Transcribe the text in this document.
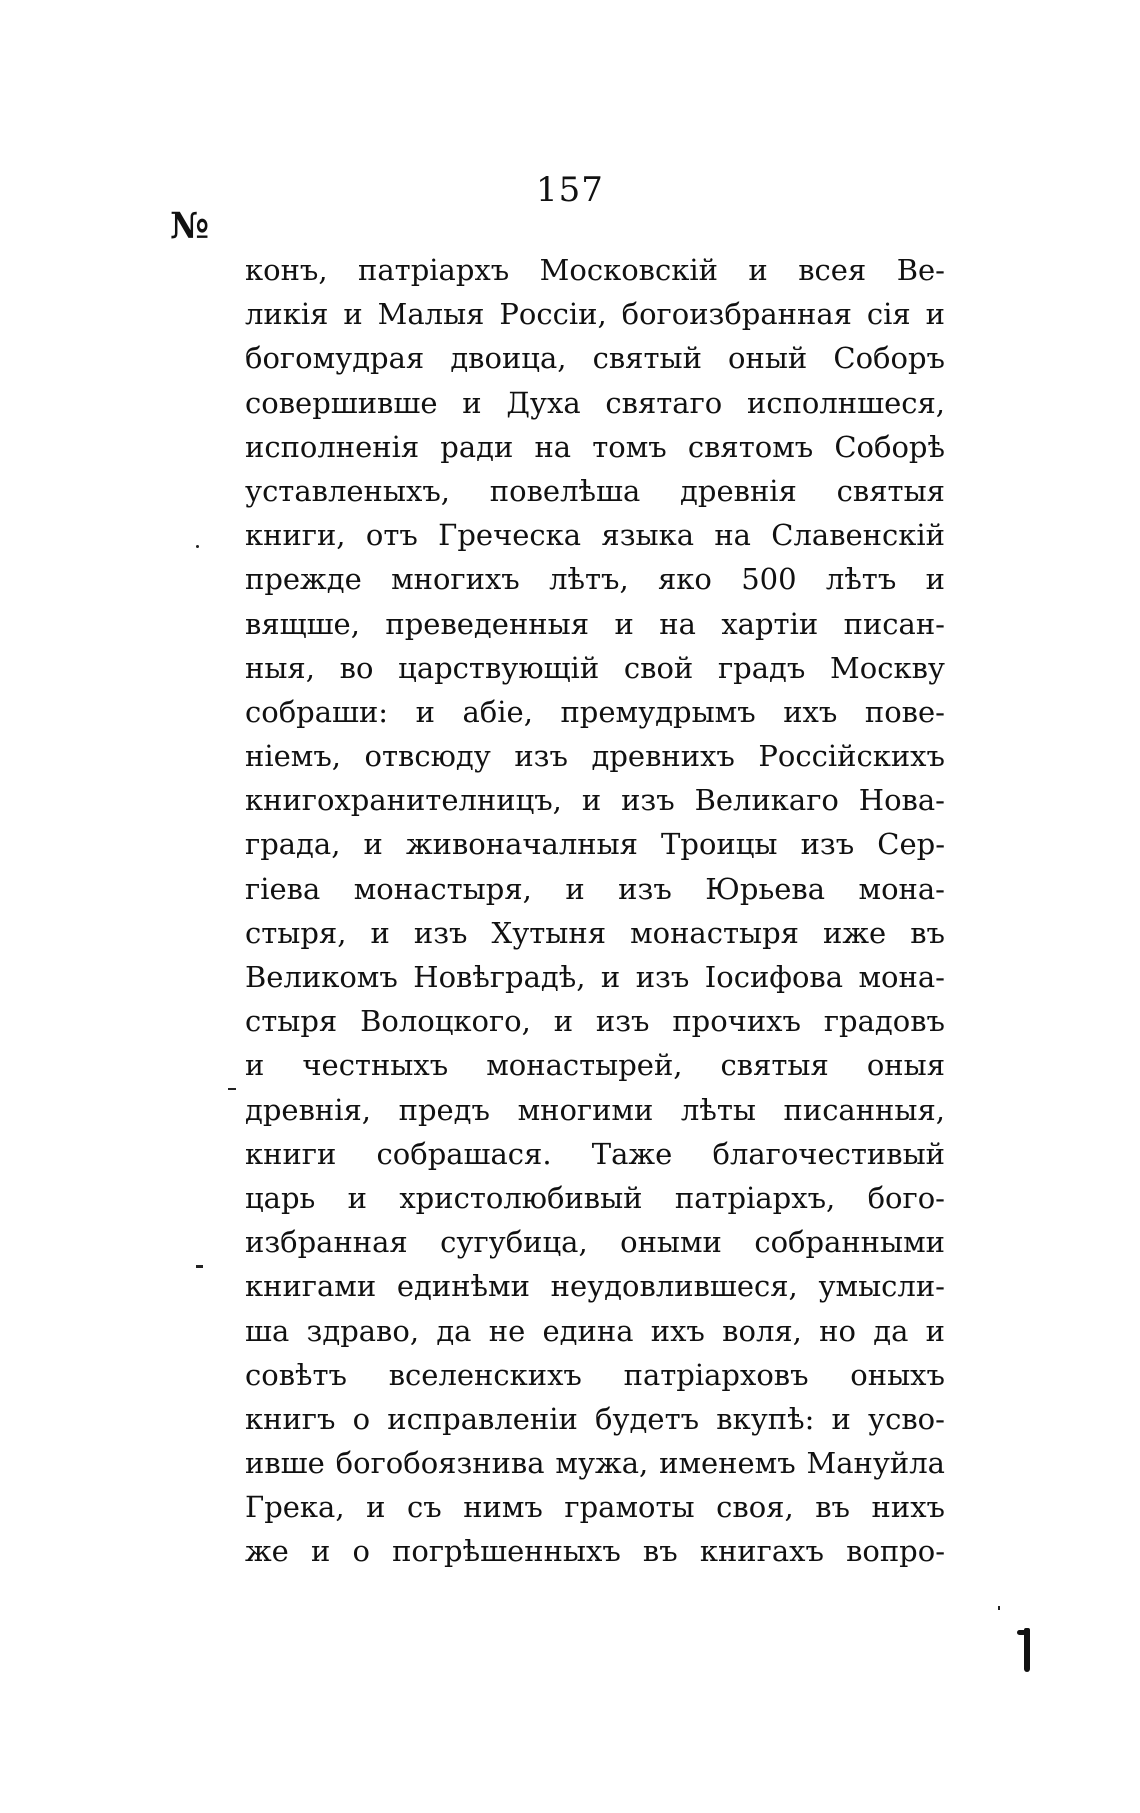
157
№
конъ, патріархъ Московскій и всея Ве-
ликія и Малыя Россіи, богоизбранная сія и
богомудрая двоица, святый оный Соборъ
совершивше и Духа святаго исполншеся,
исполненія ради на томъ святомъ Соборѣ
уставленыхъ, повелѣша древнія святыя
книги, отъ Греческа языка на Славенскій
прежде многихъ лѣтъ, яко 500 лѣтъ и
вящше, преведенныя и на хартіи писан-
ныя, во царствующій свой градъ Москву
собраши: и абіе, премудрымъ ихъ пове-
ніемъ, отвсюду изъ древнихъ Россійскихъ
книгохранителницъ, и изъ Великаго Нова-
града, и живоначалныя Троицы изъ Сер-
гіева монастыря, и изъ Юрьева мона-
стыря, и изъ Хутыня монастыря иже въ
Великомъ Новѣградѣ, и изъ Іосифова мона-
стыря Волоцкого, и изъ прочихъ градовъ
и честныхъ монастырей, святыя оныя
древнія, предъ многими лѣты писанныя,
книги собрашася. Таже благочестивый
царь и христолюбивый патріархъ, бого-
избранная сугубица, оными собранными
книгами единѣми неудовлившеся, умысли-
ша здраво, да не едина ихъ воля, но да и
совѣтъ вселенскихъ патріарховъ оныхъ
книгъ о исправленіи будетъ вкупѣ: и усво-
ивше богобоязнива мужа, именемъ Мануйла
Грека, и съ нимъ грамоты своя, въ нихъ
же и о погрѣшенныхъ въ книгахъ вопро-
